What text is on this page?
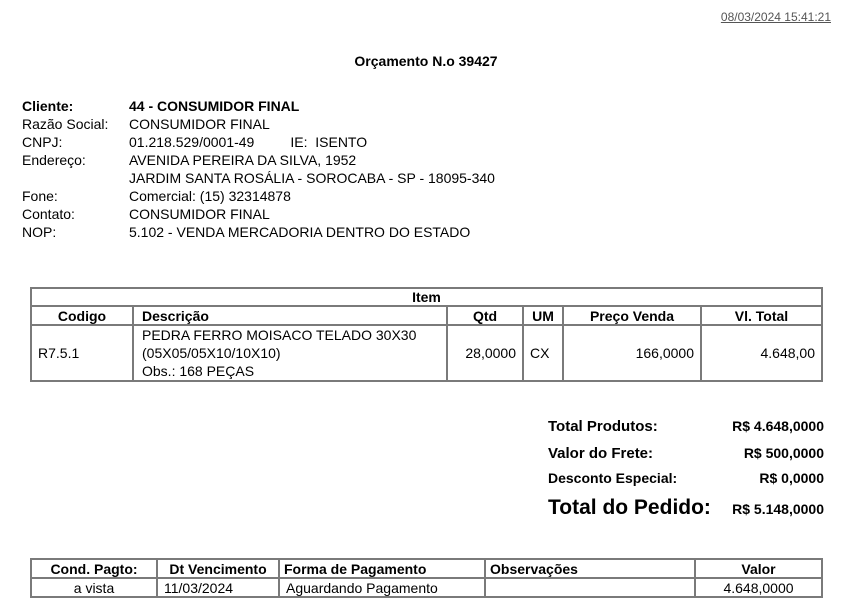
08/03/2024 15:41:21
Orçamento N.o 39427
Cliente:	44 - CONSUMIDOR FINAL
Razão Social:	CONSUMIDOR FINAL
CNPJ:	01.218.529/0001-49 IE: ISENTO
Endereço:	AVENIDA PEREIRA DA SILVA, 1952
	JARDIM SANTA ROSÁLIA - SOROCABA - SP - 18095-340
Fone:	Comercial: (15) 32314878
Contato:	CONSUMIDOR FINAL
NOP:	5.102 - VENDA MERCADORIA DENTRO DO ESTADO
Item					
Codigo	Descrição	Qtd	UM	Preço Venda	Vl. Total
R7.5.1	PEDRA FERRO MOISACO TELADO 30X30
(05X05/05X10/10X10)
Obs.: 168 PEÇAS	28,0000	CX	166,0000	4.648,00
Total Produtos:	R$ 4.648,0000
Valor do Frete:	R$ 500,0000
Desconto Especial:	R$ 0,0000
Total do Pedido: R$ 5.148,0000
Cond. Pagto:	Dt Vencimento	Forma de Pagamento	Observações	Valor
a vista	11/03/2024	Aguardando Pagamento		4.648,0000
